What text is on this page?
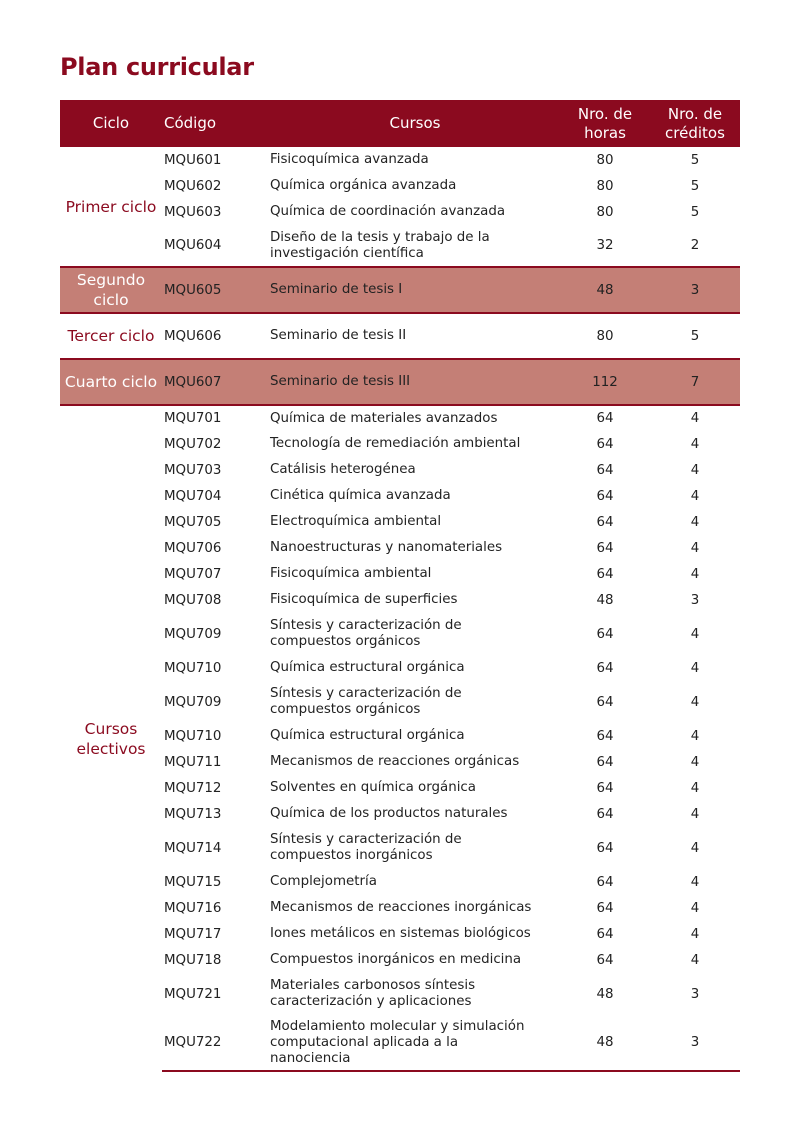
Plan curricular
Ciclo	Código	Cursos	Nro. de horas	Nro. de créditos
Primer ciclo	MQU601	Fisicoquímica avanzada	80	5
	MQU602	Química orgánica avanzada	80	5
	MQU603	Química de coordinación avanzada	80	5
	MQU604	Diseño de la tesis y trabajo de la investigación científica	32	2
Segundo ciclo	MQU605	Seminario de tesis I	48	3
Tercer ciclo	MQU606	Seminario de tesis II	80	5
Cuarto ciclo	MQU607	Seminario de tesis III	112	7
Cursos electivos	MQU701	Química de materiales avanzados	64	4
	MQU702	Tecnología de remediación ambiental	64	4
	MQU703	Catálisis heterogénea	64	4
	MQU704	Cinética química avanzada	64	4
	MQU705	Electroquímica ambiental	64	4
	MQU706	Nanoestructuras y nanomateriales	64	4
	MQU707	Fisicoquímica ambiental	64	4
	MQU708	Fisicoquímica de superficies	48	3
	MQU709	Síntesis y caracterización de compuestos orgánicos	64	4
	MQU710	Química estructural orgánica	64	4
	MQU709	Síntesis y caracterización de compuestos orgánicos	64	4
	MQU710	Química estructural orgánica	64	4
	MQU711	Mecanismos de reacciones orgánicas	64	4
	MQU712	Solventes en química orgánica	64	4
	MQU713	Química de los productos naturales	64	4
	MQU714	Síntesis y caracterización de compuestos inorgánicos	64	4
	MQU715	Complejometría	64	4
	MQU716	Mecanismos de reacciones inorgánicas	64	4
	MQU717	Iones metálicos en sistemas biológicos	64	4
	MQU718	Compuestos inorgánicos en medicina	64	4
	MQU721	Materiales carbonosos síntesis caracterización y aplicaciones	48	3
	MQU722	Modelamiento molecular y simulación computacional aplicada a la nanociencia	48	3
